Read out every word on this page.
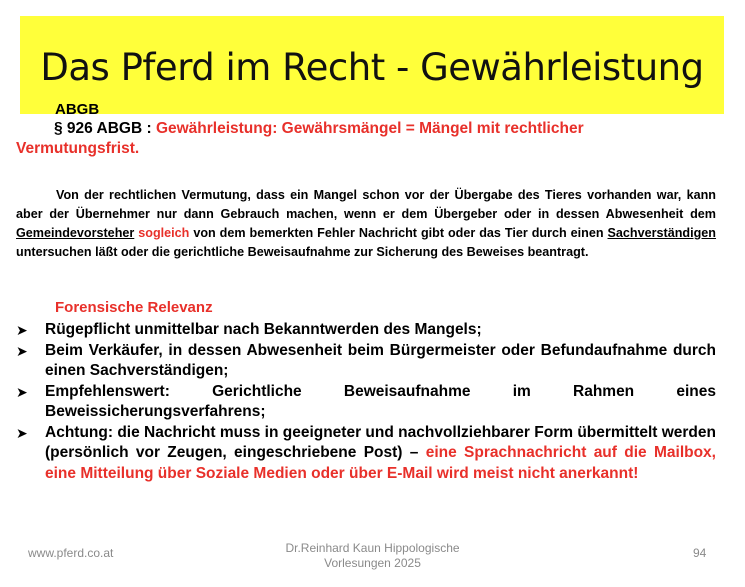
Das Pferd im Recht - Gewährleistung
ABGB
§ 926 ABGB : Gewährleistung: Gewährsmängel = Mängel mit rechtlicher
Vermutungsfrist.
Von der rechtlichen Vermutung, dass ein Mangel schon vor der Übergabe des Tieres vorhanden war, kann aber der Übernehmer nur dann Gebrauch machen, wenn er dem Übergeber oder in dessen Abwesenheit dem Gemeindevorsteher sogleich von dem bemerkten Fehler Nachricht gibt oder das Tier durch einen Sachverständigen untersuchen läßt oder die gerichtliche Beweisaufnahme zur Sicherung des Beweises beantragt.
Forensische Relevanz
➤	Rügepflicht unmittelbar nach Bekanntwerden des Mangels;
➤	Beim Verkäufer, in dessen Abwesenheit beim Bürgermeister oder Befundaufnahme durch einen Sachverständigen;
➤	Empfehlenswert: Gerichtliche Beweisaufnahme im Rahmen eines Beweissicherungsverfahrens;
➤	Achtung: die Nachricht muss in geeigneter und nachvollziehbarer Form übermittelt werden (persönlich vor Zeugen, eingeschriebene Post) – eine Sprachnachricht auf die Mailbox, eine Mitteilung über Soziale Medien oder über E-Mail wird meist nicht anerkannt!
www.pferd.co.at	Dr.Reinhard Kaun Hippologische
Vorlesungen 2025
94
